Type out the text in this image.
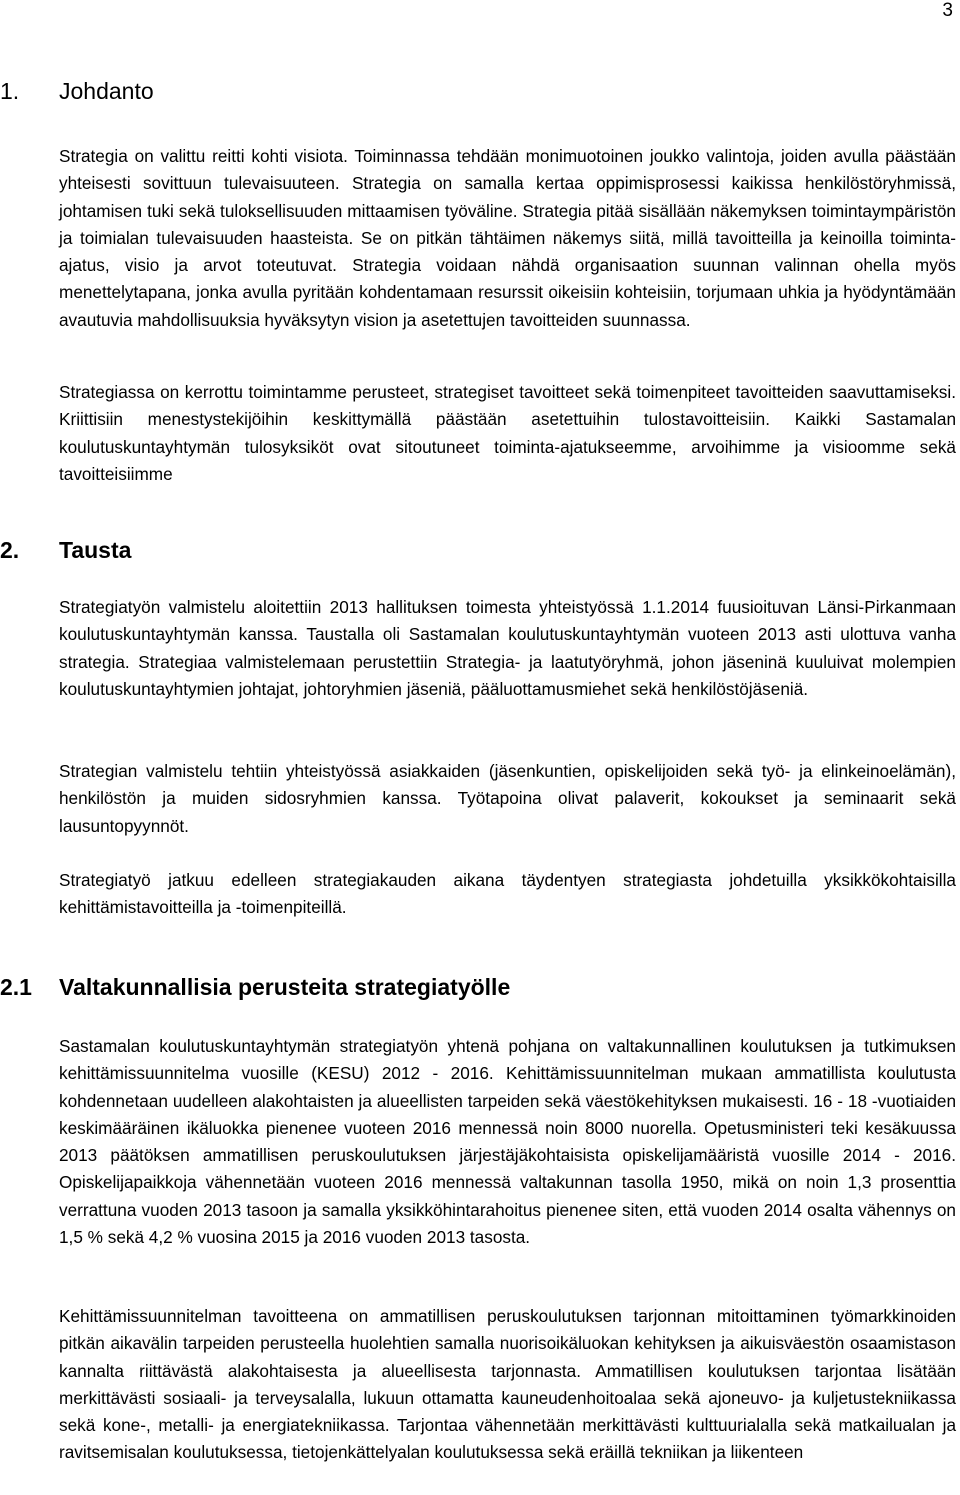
3
1. Johdanto

Strategia on valittu reitti kohti visiota. Toiminnassa tehdään monimuotoinen joukko valintoja, joiden avulla päästään yhteisesti sovittuun tulevaisuuteen. Strategia on samalla kertaa oppimisprosessi kaikissa henkilöstöryhmissä, johtamisen tuki sekä tuloksellisuuden mittaamisen työväline. Strategia pitää sisällään näkemyksen toimintaympäristön ja toimialan tulevaisuuden haasteista. Se on pitkän tähtäimen näkemys siitä, millä tavoitteilla ja keinoilla toiminta-ajatus, visio ja arvot toteutuvat. Strategia voidaan nähdä organisaation suunnan valinnan ohella myös menettelytapana, jonka avulla pyritään kohdentamaan resurssit oikeisiin kohteisiin, torjumaan uhkia ja hyödyntämään avautuvia mahdollisuuksia hyväksytyn vision ja asetettujen tavoitteiden suunnassa.

Strategiassa on kerrottu toimintamme perusteet, strategiset tavoitteet sekä toimenpiteet tavoitteiden saavuttamiseksi. Kriittisiin menestystekijöihin keskittymällä päästään asetettuihin tulostavoitteisiin. Kaikki Sastamalan koulutuskuntayhtymän tulosyksiköt ovat sitoutuneet toiminta-ajatukseemme, arvoihimme ja visioomme sekä tavoitteisiimme

2. Tausta

Strategiatyön valmistelu aloitettiin 2013 hallituksen toimesta yhteistyössä 1.1.2014 fuusioituvan Länsi-Pirkanmaan koulutuskuntayhtymän kanssa. Taustalla oli Sastamalan koulutuskuntayhtymän vuoteen 2013 asti ulottuva vanha strategia. Strategiaa valmistelemaan perustettiin Strategia- ja laatutyöryhmä, johon jäseninä kuuluivat molempien koulutuskuntayhtymien johtajat, johtoryhmien jäseniä, pääluottamusmiehet sekä henkilöstöjäseniä.

Strategian valmistelu tehtiin yhteistyössä asiakkaiden (jäsenkuntien, opiskelijoiden sekä työ- ja elinkeinoelämän), henkilöstön ja muiden sidosryhmien kanssa. Työtapoina olivat palaverit, kokoukset ja seminaarit sekä lausuntopyynnöt.

Strategiatyö jatkuu edelleen strategiakauden aikana täydentyen strategiasta johdetuilla yksikkökohtaisilla kehittämistavoitteilla ja -toimenpiteillä.

2.1 Valtakunnallisia perusteita strategiatyölle

Sastamalan koulutuskuntayhtymän strategiatyön yhtenä pohjana on valtakunnallinen koulutuksen ja tutkimuksen kehittämissuunnitelma vuosille (KESU) 2012 - 2016. Kehittämissuunnitelman mukaan ammatillista koulutusta kohdennetaan uudelleen alakohtaisten ja alueellisten tarpeiden sekä väestökehityksen mukaisesti. 16 - 18 -vuotiaiden keskimääräinen ikäluokka pienenee vuoteen 2016 mennessä noin 8000 nuorella. Opetusministeri teki kesäkuussa 2013 päätöksen ammatillisen peruskoulutuksen järjestäjäkohtaisista opiskelijamääristä vuosille 2014 - 2016. Opiskelijapaikkoja vähennetään vuoteen 2016 mennessä valtakunnan tasolla 1950, mikä on noin 1,3 prosenttia verrattuna vuoden 2013 tasoon ja samalla yksikköhintarahoitus pienenee siten, että vuoden 2014 osalta vähennys on 1,5 % sekä 4,2 % vuosina 2015 ja 2016 vuoden 2013 tasosta.

Kehittämissuunnitelman tavoitteena on ammatillisen peruskoulutuksen tarjonnan mitoittaminen työmarkkinoiden pitkän aikavälin tarpeiden perusteella huolehtien samalla nuorisoikäluokan kehityksen ja aikuisväestön osaamistason kannalta riittävästä alakohtaisesta ja alueellisesta tarjonnasta. Ammatillisen koulutuksen tarjontaa lisätään merkittävästi sosiaali- ja terveysalalla, lukuun ottamatta kauneudenhoitoalaa sekä ajoneuvo- ja kuljetustekniikassa sekä kone-, metalli- ja energiatekniikassa. Tarjontaa vähennetään merkittävästi kulttuurialalla sekä matkailualan ja ravitsemisalan koulutuksessa, tietojenkättelyalan koulutuksessa sekä eräillä tekniikan ja liikenteen
